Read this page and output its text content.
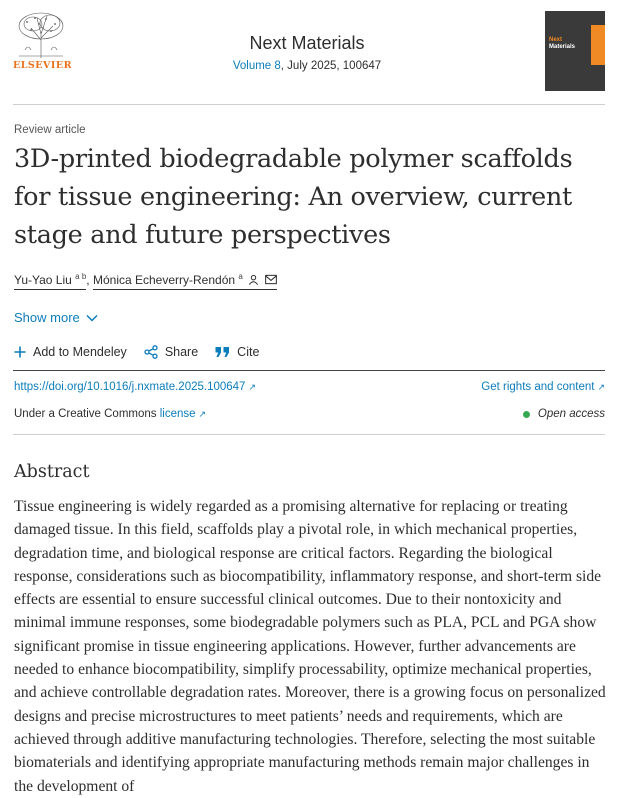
ELSEVIER
Next Materials
Volume 8, July 2025, 100647
Next
Materials
Review article
3D-printed biodegradable polymer scaffolds for tissue engineering: An overview, current stage and future perspectives
Yu-Yao Liu $^{a b}$, Mónica Echeverry-Rendón $^a$
Show more
Add to Mendeley	Share	Cite
https://doi.org/10.1016/j.nxmate.2025.100647 ↗	Get rights and content ↗
Under a Creative Commons license ↗	Open access
Abstract

Tissue engineering is widely regarded as a promising alternative for replacing or treating damaged tissue. In this field, scaffolds play a pivotal role, in which mechanical properties, degradation time, and biological response are critical factors. Regarding the biological response, considerations such as biocompatibility, inflammatory response, and short-term side effects are essential to ensure successful clinical outcomes. Due to their nontoxicity and minimal immune responses, some biodegradable polymers such as PLA, PCL and PGA show significant promise in tissue engineering applications. However, further advancements are needed to enhance biocompatibility, simplify processability, optimize mechanical properties, and achieve controllable degradation rates. Moreover, there is a growing focus on personalized designs and precise microstructures to meet patients’ needs and requirements, which are achieved through additive manufacturing technologies. Therefore, selecting the most suitable biomaterials and identifying appropriate manufacturing methods remain major challenges in the development of
